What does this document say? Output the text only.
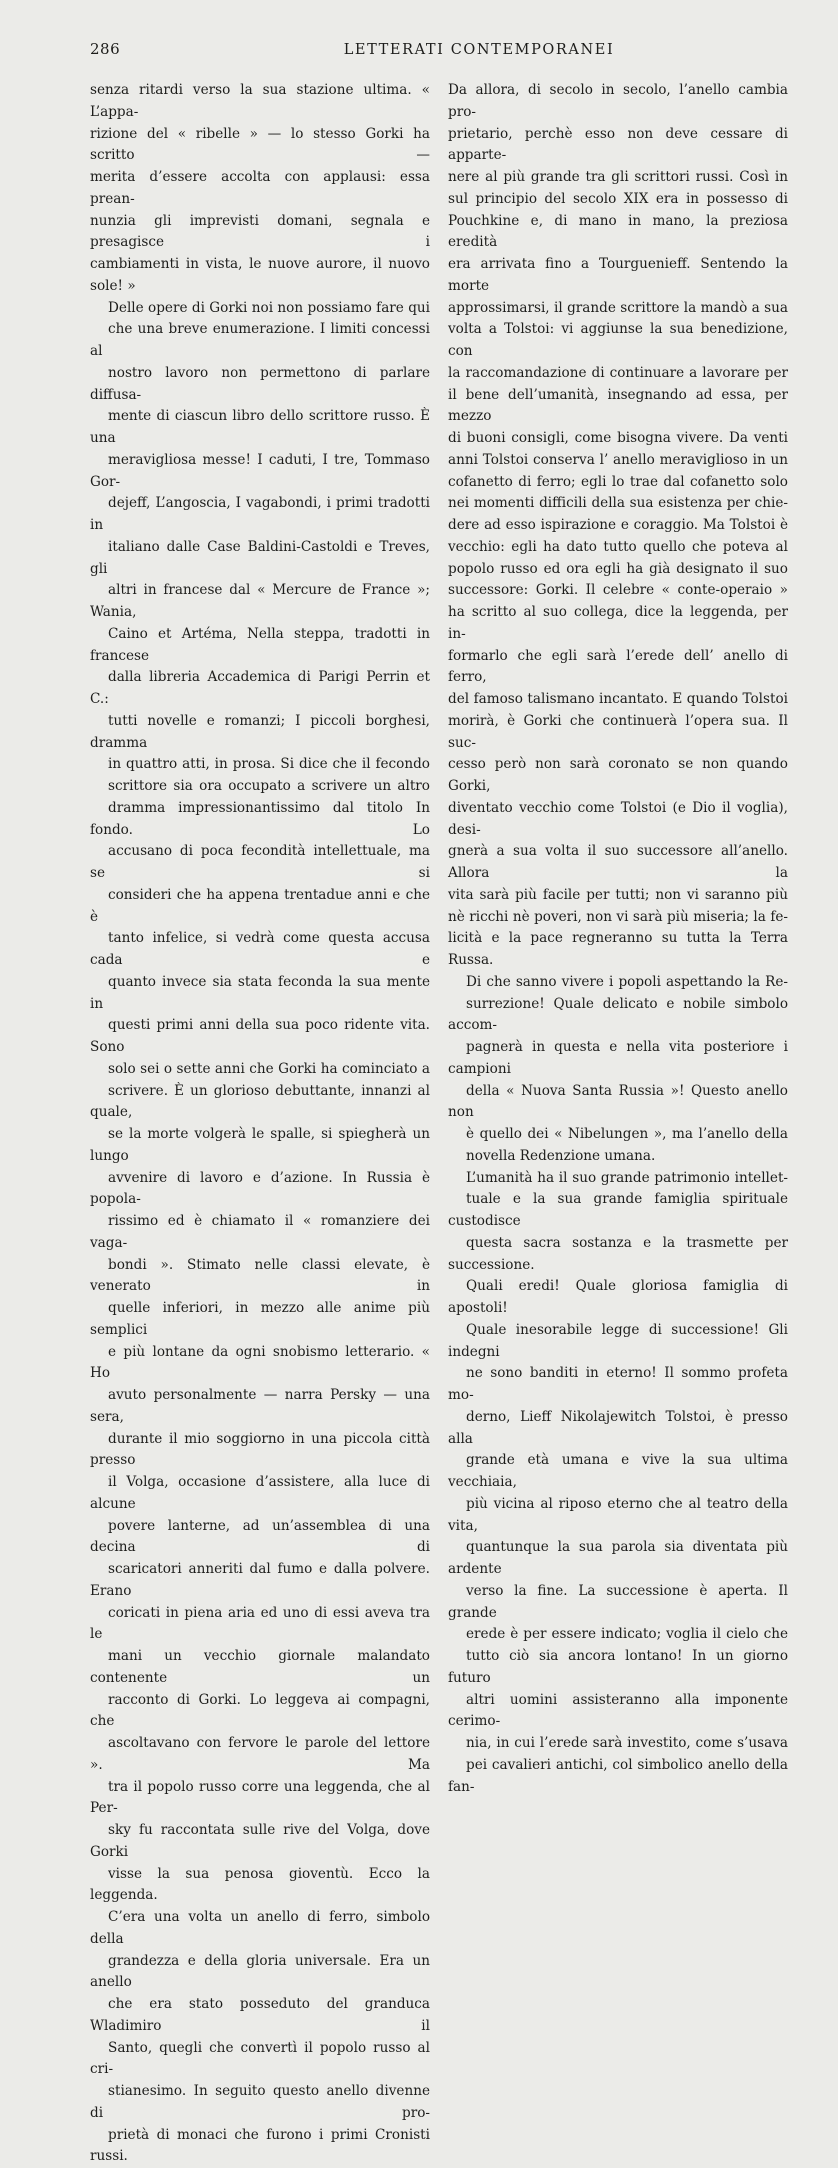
286	LETTERATI CONTEMPORANEI

senza ritardi verso la sua stazione ultima. « L’appa-
rizione del « ribelle » — lo stesso Gorki ha scritto —
merita d’essere accolta con applausi: essa prean-
nunzia gli imprevisti domani, segnala e presagisce i
cambiamenti in vista, le nuove aurore, il nuovo sole! »

Delle opere di Gorki noi non possiamo fare qui
che una breve enumerazione. I limiti concessi al
nostro lavoro non permettono di parlare diffusa-
mente di ciascun libro dello scrittore russo. È una
meravigliosa messe! I caduti, I tre, Tommaso Gor-
dejeff, L’angoscia, I vagabondi, i primi tradotti in
italiano dalle Case Baldini-Castoldi e Treves, gli
altri in francese dal « Mercure de France »; Wania,
Caino et Artéma, Nella steppa, tradotti in francese
dalla libreria Accademica di Parigi Perrin et C.:
tutti novelle e romanzi; I piccoli borghesi, dramma
in quattro atti, in prosa. Si dice che il fecondo
scrittore sia ora occupato a scrivere un altro
dramma impressionantissimo dal titolo In fondo. Lo
accusano di poca fecondità intellettuale, ma se si
consideri che ha appena trentadue anni e che è
tanto infelice, si vedrà come questa accusa cada e
quanto invece sia stata feconda la sua mente in
questi primi anni della sua poco ridente vita. Sono
solo sei o sette anni che Gorki ha cominciato a
scrivere. È un glorioso debuttante, innanzi al quale,
se la morte volgerà le spalle, si spiegherà un lungo
avvenire di lavoro e d’azione. In Russia è popola-
rissimo ed è chiamato il « romanziere dei vaga-
bondi ». Stimato nelle classi elevate, è venerato in
quelle inferiori, in mezzo alle anime più semplici
e più lontane da ogni snobismo letterario. « Ho
avuto personalmente — narra Persky — una sera,
durante il mio soggiorno in una piccola città presso
il Volga, occasione d’assistere, alla luce di alcune
povere lanterne, ad un’assemblea di una decina di
scaricatori anneriti dal fumo e dalla polvere. Erano
coricati in piena aria ed uno di essi aveva tra le
mani un vecchio giornale malandato contenente un
racconto di Gorki. Lo leggeva ai compagni, che
ascoltavano con fervore le parole del lettore ». Ma
tra il popolo russo corre una leggenda, che al Per-
sky fu raccontata sulle rive del Volga, dove Gorki
visse la sua penosa gioventù. Ecco la leggenda.
C’era una volta un anello di ferro, simbolo della
grandezza e della gloria universale. Era un anello
che era stato posseduto del granduca Wladimiro il
Santo, quegli che convertì il popolo russo al cri-
stianesimo. In seguito questo anello divenne di pro-
prietà di monaci che furono i primi Cronisti russi.

Da allora, di secolo in secolo, l’anello cambia pro-
prietario, perchè esso non deve cessare di apparte-
nere al più grande tra gli scrittori russi. Così in
sul principio del secolo XIX era in possesso di
Pouchkine e, di mano in mano, la preziosa eredità
era arrivata fino a Tourguenieff. Sentendo la morte
approssimarsi, il grande scrittore la mandò a sua
volta a Tolstoi: vi aggiunse la sua benedizione, con
la raccomandazione di continuare a lavorare per
il bene dell’umanità, insegnando ad essa, per mezzo
di buoni consigli, come bisogna vivere. Da venti
anni Tolstoi conserva l’ anello meraviglioso in un
cofanetto di ferro; egli lo trae dal cofanetto solo
nei momenti difficili della sua esistenza per chie-
dere ad esso ispirazione e coraggio. Ma Tolstoi è
vecchio: egli ha dato tutto quello che poteva al
popolo russo ed ora egli ha già designato il suo
successore: Gorki. Il celebre « conte-operaio »
ha scritto al suo collega, dice la leggenda, per in-
formarlo che egli sarà l’erede dell’ anello di ferro,
del famoso talismano incantato. E quando Tolstoi
morirà, è Gorki che continuerà l’opera sua. Il suc-
cesso però non sarà coronato se non quando Gorki,
diventato vecchio come Tolstoi (e Dio il voglia), desi-
gnerà a sua volta il suo successore all’anello. Allora la
vita sarà più facile per tutti; non vi saranno più
nè ricchi nè poveri, non vi sarà più miseria; la fe-
licità e la pace regneranno su tutta la Terra Russa.

Di che sanno vivere i popoli aspettando la Re-
surrezione! Quale delicato e nobile simbolo accom-
pagnerà in questa e nella vita posteriore i campioni
della « Nuova Santa Russia »! Questo anello non
è quello dei « Nibelungen », ma l’anello della
novella Redenzione umana.

L’umanità ha il suo grande patrimonio intellet-
tuale e la sua grande famiglia spirituale custodisce
questa sacra sostanza e la trasmette per successione.
Quali eredi! Quale gloriosa famiglia di apostoli!
Quale inesorabile legge di successione! Gli indegni
ne sono banditi in eterno! Il sommo profeta mo-
derno, Lieff Nikolajewitch Tolstoi, è presso alla
grande età umana e vive la sua ultima vecchiaia,
più vicina al riposo eterno che al teatro della vita,
quantunque la sua parola sia diventata più ardente
verso la fine. La successione è aperta. Il grande
erede è per essere indicato; voglia il cielo che
tutto ciò sia ancora lontano! In un giorno futuro
altri uomini assisteranno alla imponente cerimo-
nia, in cui l’erede sarà investito, come s’usava
pei cavalieri antichi, col simbolico anello della fan-
